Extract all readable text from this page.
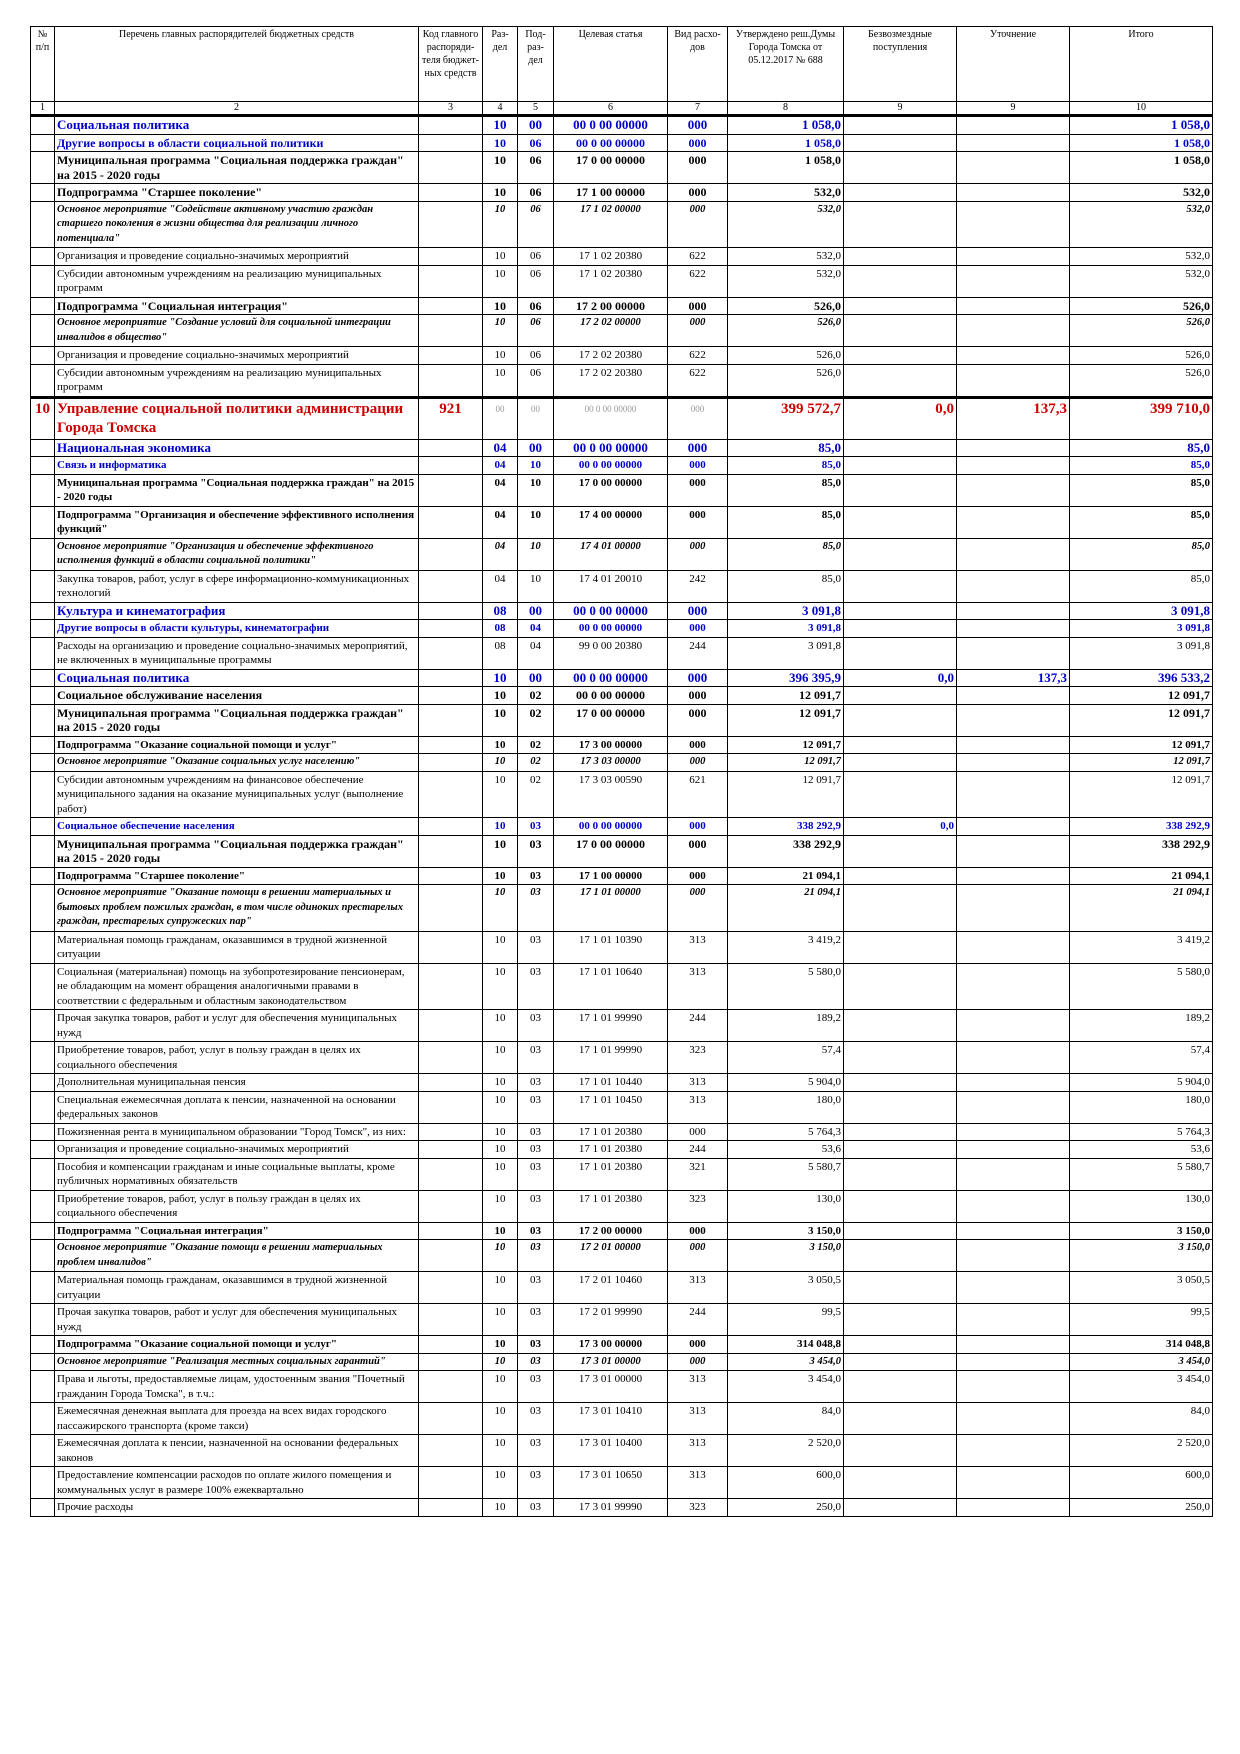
№ п/п	Перечень главных распорядителей бюджетных средств	Код главного распоряди-теля бюджет-ных средств	Раз-дел	Под-раз-дел	Целевая статья	Вид расхо-дов	Утверждено реш.Думы Города Томска от 05.12.2017 № 688	Безвозмездные поступления	Уточнение	Итого
1	2	3	4	5	6	7	8	9	9	10
	Социальная политика		10	00	00 0 00 00000	000	1 058,0			1 058,0
	Другие вопросы в области социальной политики		10	06	00 0 00 00000	000	1 058,0			1 058,0
	Муниципальная программа "Социальная поддержка граждан" на 2015 - 2020 годы		10	06	17 0 00 00000	000	1 058,0			1 058,0
	Подпрограмма "Старшее поколение"		10	06	17 1 00 00000	000	532,0			532,0
	Основное мероприятие "Содействие активному участию граждан старшего поколения в жизни общества для реализации личного потенциала"		10	06	17 1 02 00000	000	532,0			532,0
	Организация и проведение социально-значимых мероприятий		10	06	17 1 02 20380	622	532,0			532,0
	Субсидии автономным учреждениям на реализацию муниципальных программ		10	06	17 1 02 20380	622	532,0			532,0
	Подпрограмма "Социальная интеграция"		10	06	17 2 00 00000	000	526,0			526,0
	Основное мероприятие "Создание условий для социальной интеграции инвалидов в общество"		10	06	17 2 02 00000	000	526,0			526,0
	Организация и проведение социально-значимых мероприятий		10	06	17 2 02 20380	622	526,0			526,0
	Субсидии автономным учреждениям на реализацию муниципальных программ		10	06	17 2 02 20380	622	526,0			526,0
10	Управление социальной политики администрации Города Томска	921	00	00	00 0 00 00000	000	399 572,7	0,0	137,3	399 710,0
	Национальная экономика		04	00	00 0 00 00000	000	85,0			85,0
	Связь и информатика		04	10	00 0 00 00000	000	85,0			85,0
	Муниципальная программа "Социальная поддержка граждан" на 2015 - 2020 годы		04	10	17 0 00 00000	000	85,0			85,0
	Подпрограмма "Организация и обеспечение эффективного исполнения функций"		04	10	17 4 00 00000	000	85,0			85,0
	Основное мероприятие "Организация и обеспечение эффективного исполнения функций в области социальной политики"		04	10	17 4 01 00000	000	85,0			85,0
	Закупка товаров, работ, услуг в сфере информационно-коммуникационных технологий		04	10	17 4 01 20010	242	85,0			85,0
	Культура и кинематография		08	00	00 0 00 00000	000	3 091,8			3 091,8
	Другие вопросы в области культуры, кинематографии		08	04	00 0 00 00000	000	3 091,8			3 091,8
	Расходы на организацию и проведение социально-значимых мероприятий, не включенных в муниципальные программы		08	04	99 0 00 20380	244	3 091,8			3 091,8
	Социальная политика		10	00	00 0 00 00000	000	396 395,9	0,0	137,3	396 533,2
	Социальное обслуживание населения		10	02	00 0 00 00000	000	12 091,7			12 091,7
	Муниципальная программа "Социальная поддержка граждан" на 2015 - 2020 годы		10	02	17 0 00 00000	000	12 091,7			12 091,7
	Подпрограмма "Оказание социальной помощи и услуг"		10	02	17 3 00 00000	000	12 091,7			12 091,7
	Основное мероприятие "Оказание социальных услуг населению"		10	02	17 3 03 00000	000	12 091,7			12 091,7
	Субсидии автономным учреждениям на финансовое обеспечение муниципального задания на оказание муниципальных услуг (выполнение работ)		10	02	17 3 03 00590	621	12 091,7			12 091,7
	Социальное обеспечение населения		10	03	00 0 00 00000	000	338 292,9	0,0		338 292,9
	Муниципальная программа "Социальная поддержка граждан" на 2015 - 2020 годы		10	03	17 0 00 00000	000	338 292,9			338 292,9
	Подпрограмма "Старшее поколение"		10	03	17 1 00 00000	000	21 094,1			21 094,1
	Основное мероприятие "Оказание помощи в решении материальных и бытовых проблем пожилых граждан, в том числе одиноких престарелых граждан, престарелых супружеских пар"		10	03	17 1 01 00000	000	21 094,1			21 094,1
	Материальная помощь гражданам, оказавшимся в трудной жизненной ситуации		10	03	17 1 01 10390	313	3 419,2			3 419,2
	Социальная (материальная) помощь на зубопротезирование пенсионерам, не обладающим на момент обращения аналогичными правами в соответствии с федеральным и областным законодательством		10	03	17 1 01 10640	313	5 580,0			5 580,0
	Прочая закупка товаров, работ и услуг для обеспечения муниципальных нужд		10	03	17 1 01 99990	244	189,2			189,2
	Приобретение товаров, работ, услуг в пользу граждан в целях их социального обеспечения		10	03	17 1 01 99990	323	57,4			57,4
	Дополнительная муниципальная пенсия		10	03	17 1 01 10440	313	5 904,0			5 904,0
	Специальная ежемесячная доплата к пенсии, назначенной на основании федеральных законов		10	03	17 1 01 10450	313	180,0			180,0
	Пожизненная рента в муниципальном образовании "Город Томск", из них:		10	03	17 1 01 20380	000	5 764,3			5 764,3
	Организация и проведение социально-значимых мероприятий		10	03	17 1 01 20380	244	53,6			53,6
	Пособия и компенсации гражданам и иные социальные выплаты, кроме публичных нормативных обязательств		10	03	17 1 01 20380	321	5 580,7			5 580,7
	Приобретение товаров, работ, услуг в пользу граждан в целях их социального обеспечения		10	03	17 1 01 20380	323	130,0			130,0
	Подпрограмма "Социальная интеграция"		10	03	17 2 00 00000	000	3 150,0			3 150,0
	Основное мероприятие "Оказание помощи в решении материальных проблем инвалидов"		10	03	17 2 01 00000	000	3 150,0			3 150,0
	Материальная помощь гражданам, оказавшимся в трудной жизненной ситуации		10	03	17 2 01 10460	313	3 050,5			3 050,5
	Прочая закупка товаров, работ и услуг для обеспечения муниципальных нужд		10	03	17 2 01 99990	244	99,5			99,5
	Подпрограмма "Оказание социальной помощи и услуг"		10	03	17 3 00 00000	000	314 048,8			314 048,8
	Основное мероприятие "Реализация местных социальных гарантий"		10	03	17 3 01 00000	000	3 454,0			3 454,0
	Права и льготы, предоставляемые лицам, удостоенным звания "Почетный гражданин Города Томска", в т.ч.:		10	03	17 3 01 00000	313	3 454,0			3 454,0
	Ежемесячная денежная выплата для проезда на всех видах городского пассажирского транспорта (кроме такси)		10	03	17 3 01 10410	313	84,0			84,0
	Ежемесячная доплата к пенсии, назначенной на основании федеральных законов		10	03	17 3 01 10400	313	2 520,0			2 520,0
	Предоставление компенсации расходов по оплате жилого помещения и коммунальных услуг в размере 100% ежеквартально		10	03	17 3 01 10650	313	600,0			600,0
	Прочие расходы		10	03	17 3 01 99990	323	250,0			250,0
